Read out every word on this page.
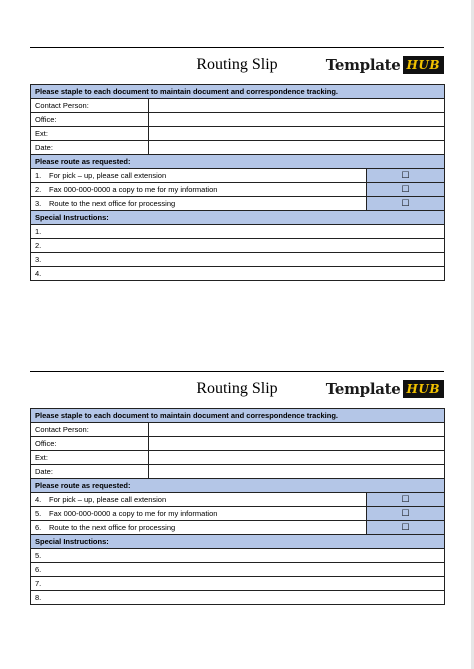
Routing Slip	Template HUB
Please staple to each document to maintain document and correspondence tracking.		
Contact Person:		
Office:		
Ext:		
Date:		
Please route as requested:		
1. For pick – up, please call extension		☐
2. Fax 000-000-0000 a copy to me for my information		☐
3. Route to the next office for processing		☐
Special Instructions:		
1.		
2.		
3.		
4.		
Routing Slip	Template HUB
Please staple to each document to maintain document and correspondence tracking.		
Contact Person:		
Office:		
Ext:		
Date:		
Please route as requested:		
4. For pick – up, please call extension		☐
5. Fax 000-000-0000 a copy to me for my information		☐
6. Route to the next office for processing		☐
Special Instructions:		
5.		
6.		
7.		
8.		
